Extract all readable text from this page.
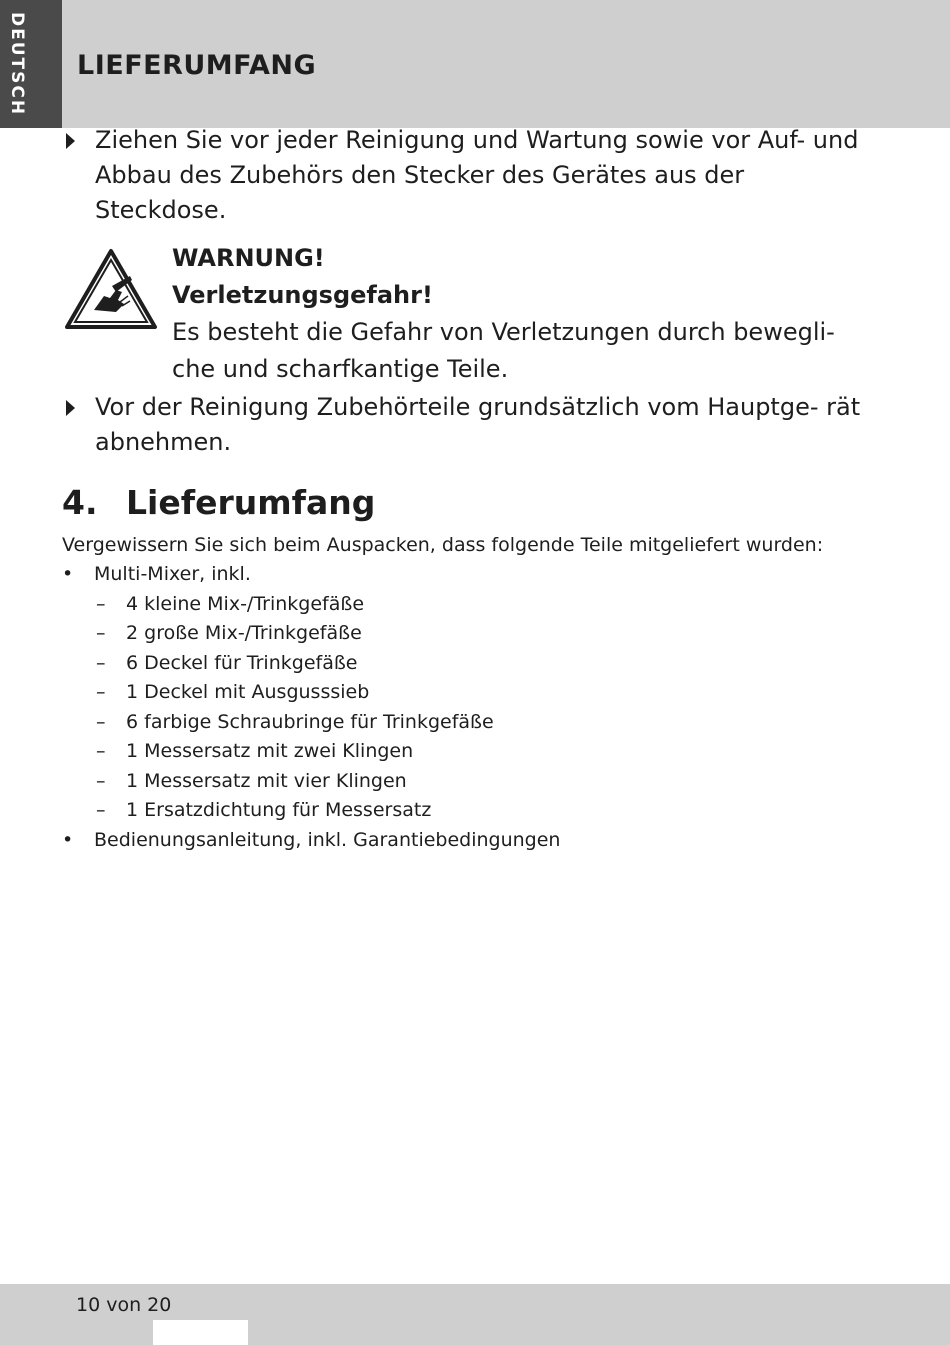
DEUTSCH LIEFERUMFANG
Ziehen Sie vor jeder Reinigung und Wartung sowie vor Auf- und Abbau des Zubehörs den Stecker des Gerätes aus der Steckdose.
WARNUNG!
Verletzungsgefahr!
Es besteht die Gefahr von Verletzungen durch bewegli- che und scharfkantige Teile.
Vor der Reinigung Zubehörteile grundsätzlich vom Hauptge- rät abnehmen.
4. Lieferumfang
Vergewissern Sie sich beim Auspacken, dass folgende Teile mitgeliefert wurden:
• Multi-Mixer, inkl.
– 4 kleine Mix-/Trinkgefäße
– 2 große Mix-/Trinkgefäße
– 6 Deckel für Trinkgefäße
– 1 Deckel mit Ausgusssieb
– 6 farbige Schraubringe für Trinkgefäße
– 1 Messersatz mit zwei Klingen
– 1 Messersatz mit vier Klingen
– 1 Ersatzdichtung für Messersatz
• Bedienungsanleitung, inkl. Garantiebedingungen
10 von 20
